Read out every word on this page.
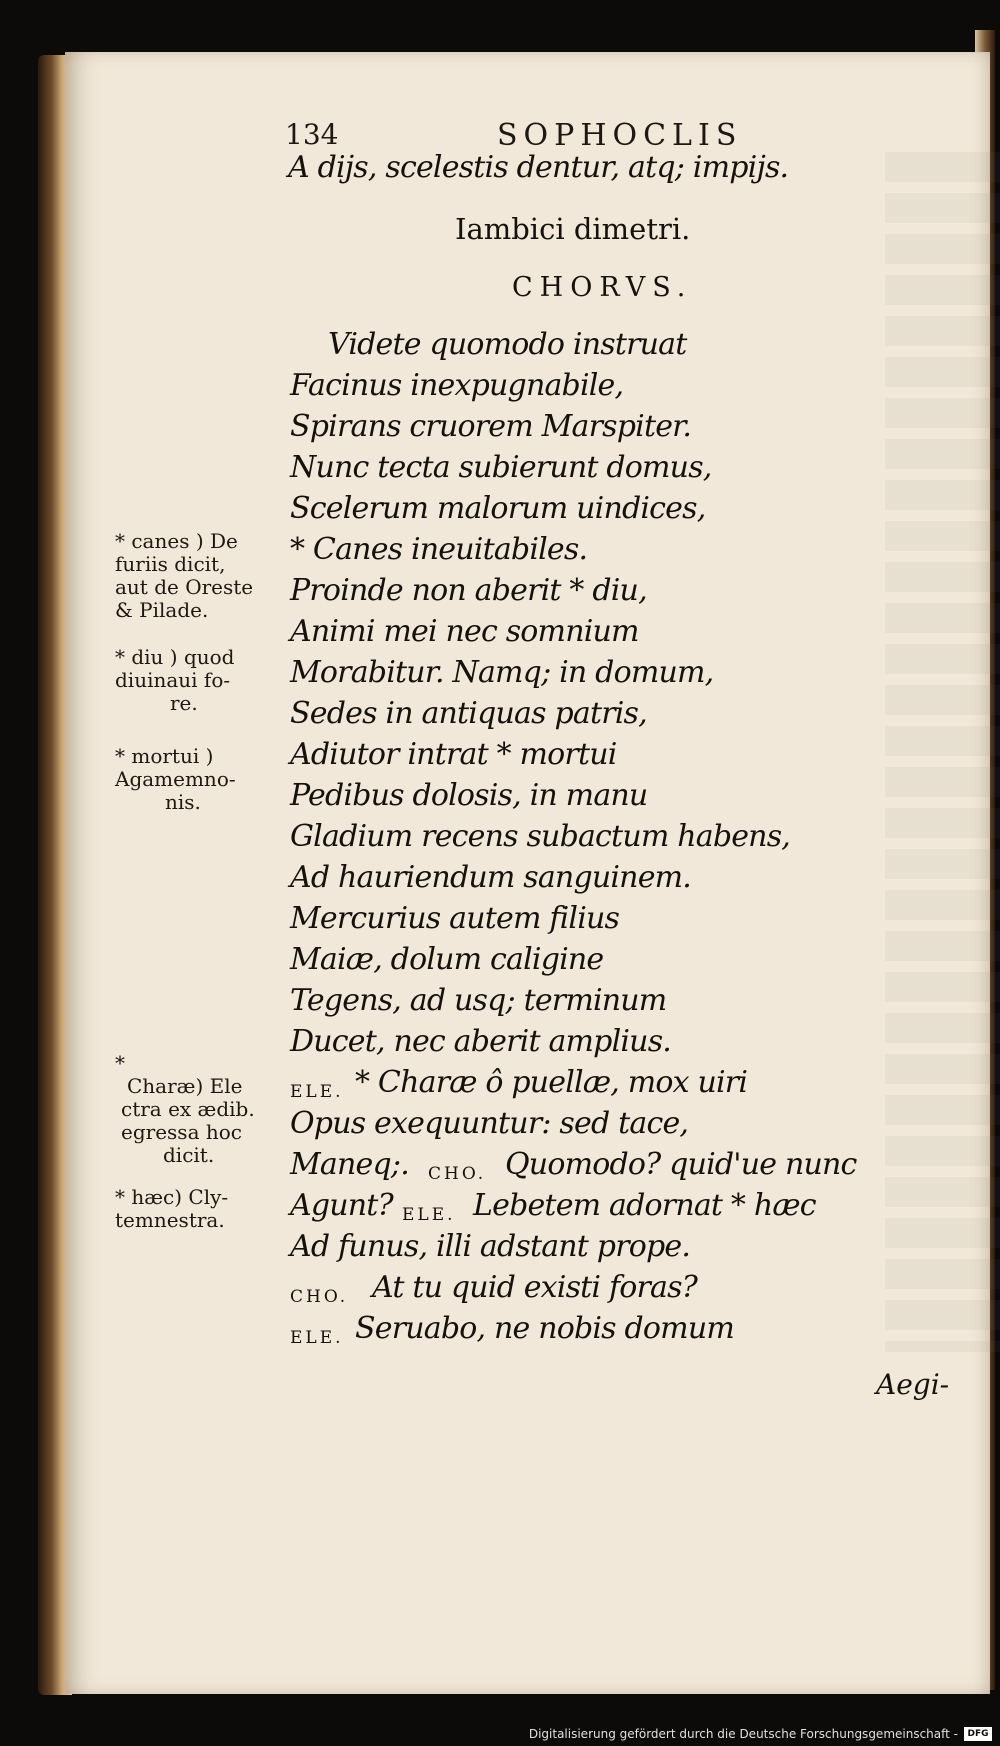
134	SOPHOCLIS
A dijs, scelestis dentur, atq; impijs.
Iambici dimetri.
CHORVS.
Videte quomodo instruat
Facinus inexpugnabile,
Spirans cruorem Marspiter.
Nunc tecta subierunt domus,
Scelerum malorum uindices,
* Canes ineuitabiles.
Proinde non aberit * diu,
Animi mei nec somnium
Morabitur. Namq; in domum,
Sedes in antiquas patris,
Adiutor intrat * mortui
Pedibus dolosis, in manu
Gladium recens subactum habens,
Ad hauriendum sanguinem.
Mercurius autem filius
Maiæ, dolum caligine
Tegens, ad usq; terminum
Ducet, nec aberit amplius.
ELE. * Charæ ô puellæ, mox uiri
Opus exequuntur: sed tace,
Maneq;. CHO. Quomodo? quid'ue nunc
Agunt? ELE. Lebetem adornat * hæc
Ad funus, illi adstant prope.
CHO. At tu quid existi foras?
ELE. Seruabo, ne nobis domum
Aegi-
* canes ) De
furiis dicit,
aut de Oreste
& Pilade.
* diu ) quod
diuinaui fo-
re.
* mortui )
Agamemno-
nis.
*
Charæ) Ele
ctra ex ædib.
egressa hoc
dicit.
* hæc) Cly-
temnestra.
Digitalisierung gefördert durch die Deutsche Forschungsgemeinschaft -	DFG
